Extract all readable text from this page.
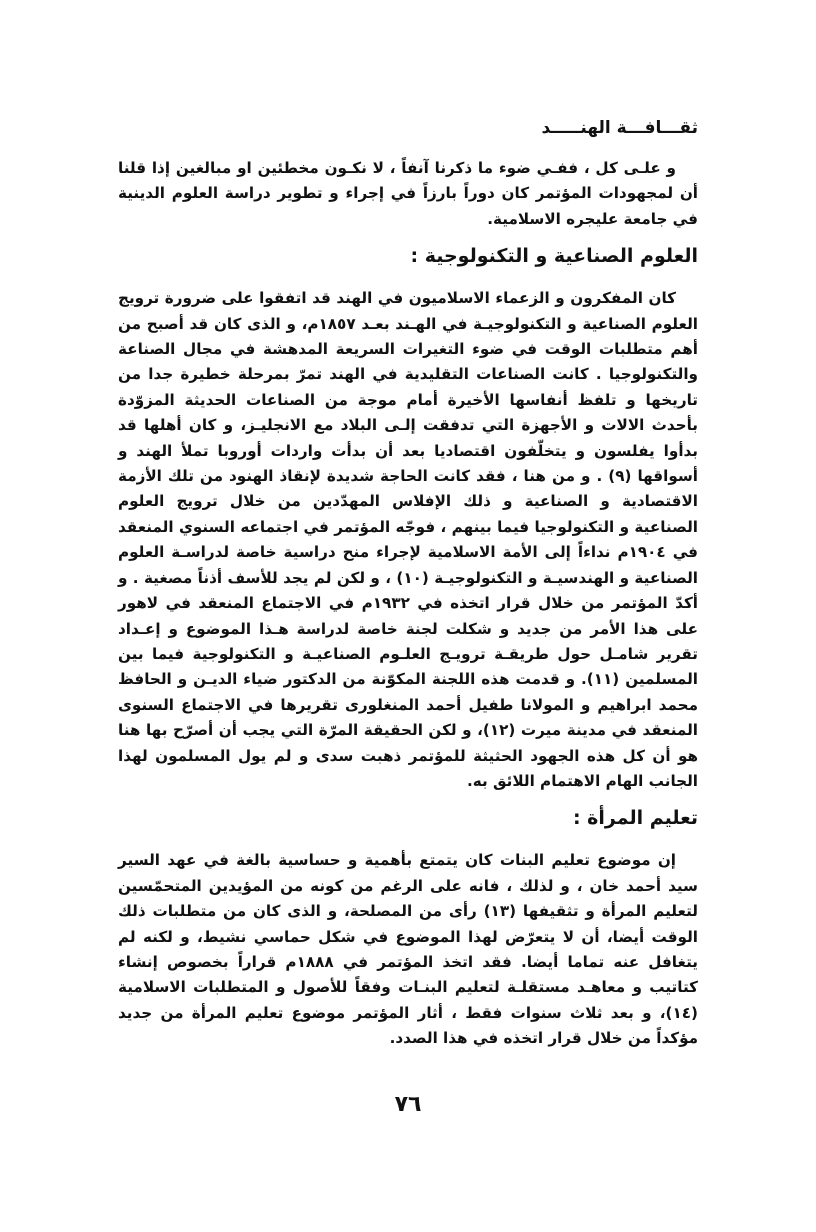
ثقـــافـــة الهنـــــد

و علـى كل ، ففـي ضوء ما ذكرنا آنفاً ، لا نكـون مخطئين او مبالغين إذا قلنا أن لمجهودات المؤتمر كان دوراً بارزاً في إجراء و تطوير دراسة العلوم الدينية في جامعة عليجره الاسلامية.

العلوم الصناعية و التكنولوجية :

كان المفكرون و الزعماء الاسلاميون في الهند قد اتفقوا على ضرورة ترويج العلوم الصناعية و التكنولوجيـة في الهـند بعـد ١٨٥٧م، و الذى كان قد أصبح من أهم متطلبات الوقت في ضوء التغيرات السريعة المدهشة في مجال الصناعة والتكنولوجيا . كانت الصناعات التقليدية في الهند تمرّ بمرحلة خطيرة جدا من تاريخها و تلفظ أنفاسها الأخيرة أمام موجة من الصناعات الحديثة المزوّدة بأحدث الالات و الأجهزة التي تدفقت إلـى البلاد مع الانجليـز، و كان أهلها قد بدأوا يفلسون و يتخلّفون اقتصاديا بعد أن بدأت واردات أوروبا تملأ الهند و أسواقها (٩) . و من هنا ، فقد كانت الحاجة شديدة لإنقاذ الهنود من تلك الأزمة الاقتصادية و الصناعية و ذلك الإفلاس المهدّدين من خلال ترويج العلوم الصناعية و التكنولوجيا فيما بينهم ، فوجّه المؤتمر في اجتماعه السنوي المنعقد في ١٩٠٤م نداءاً إلى الأمة الاسلامية لإجراء منح دراسية خاصة لدراسـة العلوم الصناعية و الهندسيـة و التكنولوجيـة (١٠) ، و لكن لم يجد للأسف أذناً مصغية . و أكدّ المؤتمر من خلال قرار اتخذه في ١٩٣٢م في الاجتماع المنعقد في لاهور على هذا الأمر من جديد و شكلت لجنة خاصة لدراسة هـذا الموضوع و إعـداد تقرير شامـل حول طريقـة ترويـج العلـوم الصناعيـة و التكنولوجية فيما بين المسلمين (١١). و قدمت هذه اللجنة المكوّنة من الدكتور ضياء الديـن و الحافظ محمد ابراهيم و المولانا طفيل أحمد المنغلورى تقريرها في الاجتماع السنوى المنعقد في مدينة ميرت (١٢)، و لكن الحقيقة المرّة التي يجب أن أصرّح بها هنا هو أن كل هذه الجهود الحثيثة للمؤتمر ذهبت سدى و لم يول المسلمون لهذا الجانب الهام الاهتمام اللائق به.

تعليم المرأة :

إن موضوع تعليم البنات كان يتمتع بأهمية و حساسية بالغة في عهد السير سيد أحمد خان ، و لذلك ، فانه على الرغم من كونه من المؤيدين المتحمّسين لتعليم المرأة و تثقيفها (١٣) رأى من المصلحة، و الذى كان من متطلبات ذلك الوقت أيضا، أن لا يتعرّض لهذا الموضوع في شكل حماسي نشيط، و لكنه لم يتغافل عنه تماما أيضا. فقد اتخذ المؤتمر في ١٨٨٨م قراراً بخصوص إنشاء كتاتيب و معاهـد مستقلـة لتعليم البنـات وفقاً للأصول و المتطلبات الاسلامية (١٤)، و بعد ثلاث سنوات فقط ، أثار المؤتمر موضوع تعليم المرأة من جديد مؤكداً من خلال قرار اتخذه في هذا الصدد.

٧٦
